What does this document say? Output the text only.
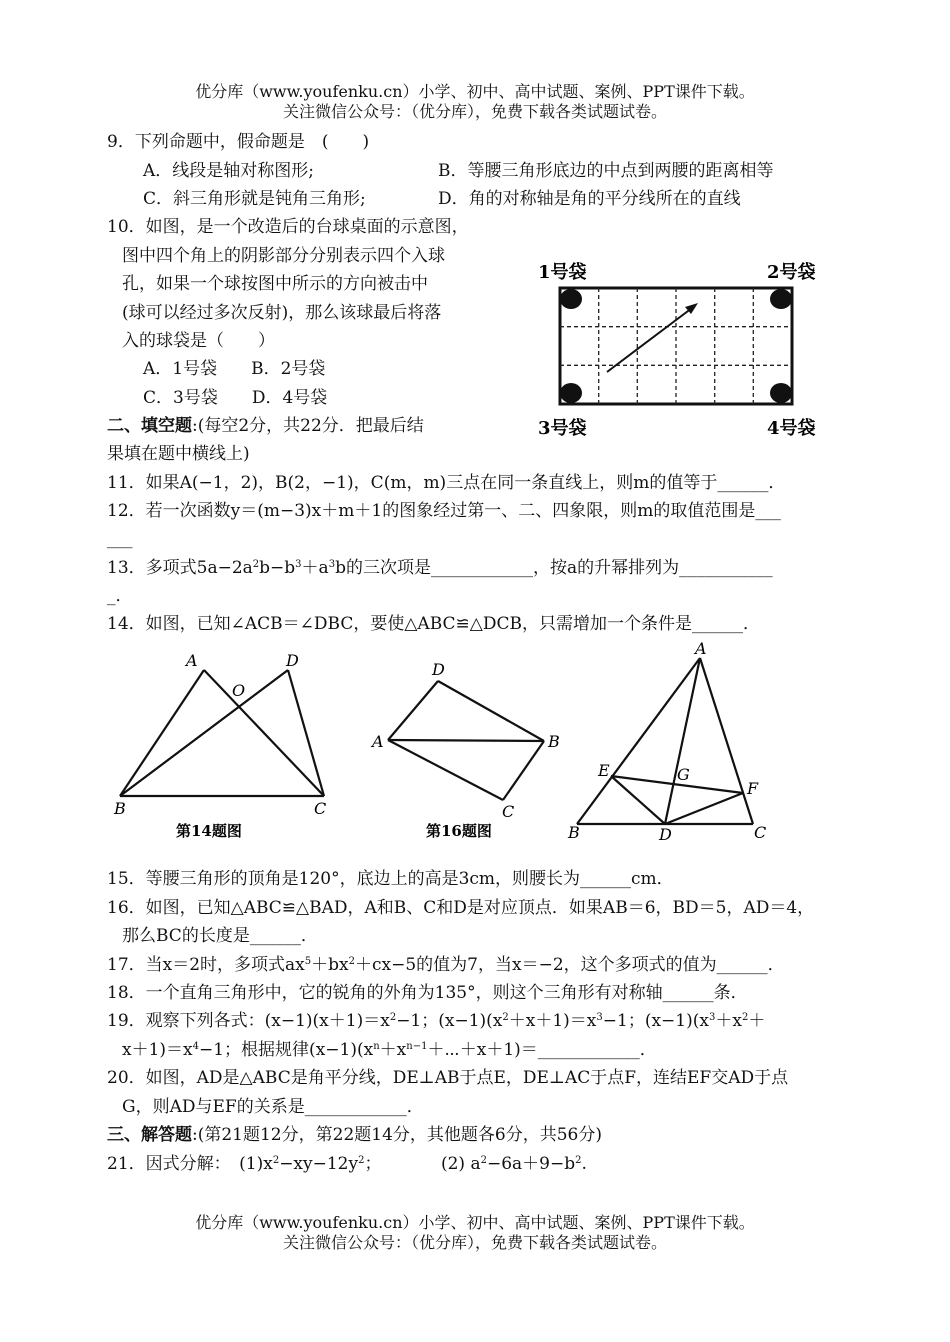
优分库（www.youfenku.cn）小学、初中、高中试题、案例、PPT课件下载。
关注微信公众号：（优分库），免费下载各类试题试卷。
9．下列命题中，假命题是　(　　)
A．线段是轴对称图形;	B．等腰三角形底边的中点到两腰的距离相等
C．斜三角形就是钝角三角形;	D．角的对称轴是角的平分线所在的直线
10．如图，是一个改造后的台球桌面的示意图，
图中四个角上的阴影部分分别表示四个入球
孔，如果一个球按图中所示的方向被击中
(球可以经过多次反射)，那么该球最后将落
入的球袋是（　　）
A．1号袋　　B．2号袋
C．3号袋　　D．4号袋
1号袋	2号袋
3号袋	4号袋
二、填空题:(每空2分，共22分．把最后结
果填在题中横线上)
11．如果A(−1，2)，B(2，−1)，C(m，m)三点在同一条直线上，则m的值等于______．
12．若一次函数y＝(m−3)x＋m＋1的图象经过第一、二、四象限，则m的取值范围是___
___
13．多项式$5a-2a^2b-b^3+a^3b$的三次项是____________，按a的升幂排列为___________
_．
14．如图，已知∠ACB＝∠DBC，要使△ABC≌△DCB，只需增加一个条件是______．
A	D
O
B	C
第14题图
D
A	B
C
第16题图
A
E	G
F
B	D	C
15．等腰三角形的顶角是120°，底边上的高是3cm，则腰长为______cm．
16．如图，已知△ABC≌△BAD，A和B、C和D是对应顶点．如果AB＝6，BD＝5，AD＝4，
那么BC的长度是______．
17．当x＝2时，多项式$ax^5+bx^2+cx-5$的值为7，当x＝−2，这个多项式的值为______．
18．一个直角三角形中，它的锐角的外角为135°，则这个三角形有对称轴______条．
19．观察下列各式：$(x-1)(x+1)=x^2-1$；$(x-1)(x^2+x+1)=x^3-1$；$(x-1)(x^3+x^2+$
$x+1)=x^4-1$；根据规律$(x-1)(x^n+x^{n-1}+\cdots+x+1)=\_\_\_\_\_\_\_\_\_\_\_\_$．
20．如图，AD是△ABC是角平分线，DE⊥AB于点E，DE⊥AC于点F，连结EF交AD于点
G，则AD与EF的关系是____________．
三、解答题:(第21题12分，第22题14分，其他题各6分，共56分)
21．因式分解：　$(1)x^2-xy-12y^2$；　　　　(2) $a^2-6a+9-b^2$.
优分库（www.youfenku.cn）小学、初中、高中试题、案例、PPT课件下载。
关注微信公众号：（优分库），免费下载各类试题试卷。
